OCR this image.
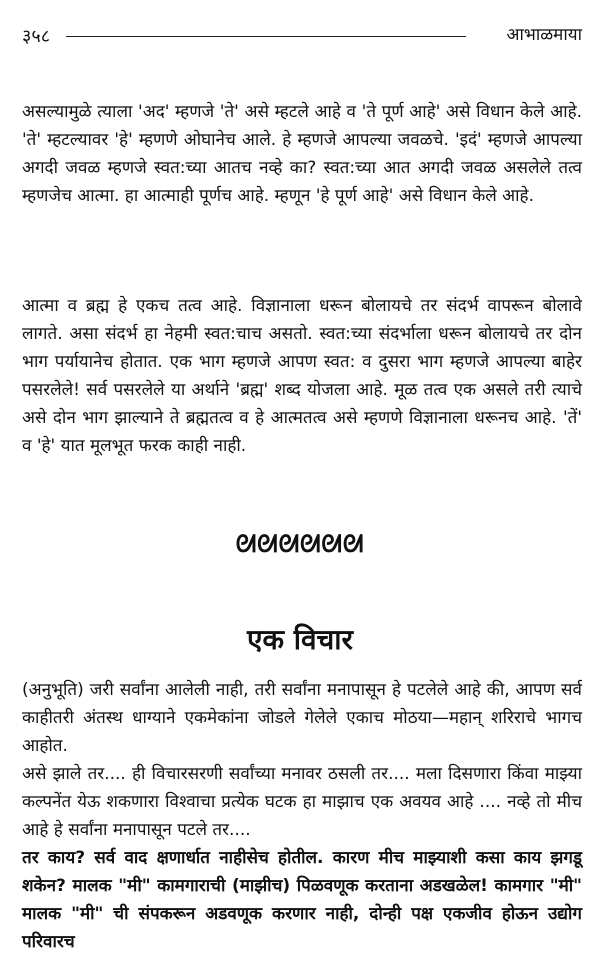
३५८	आभाळमाया

असल्यामुळे त्याला 'अद' म्हणजे 'ते' असे म्हटले आहे व 'ते पूर्ण आहे' असे विधान केले आहे. 'ते' म्हटल्यावर 'हे' म्हणणे ओघानेच आले. हे म्हणजे आपल्या जवळचे. 'इदं' म्हणजे आपल्या अगदी जवळ म्हणजे स्वत:च्या आतच नव्हे का? स्वत:च्या आत अगदी जवळ असलेले तत्व म्हणजेच आत्मा. हा आत्माही पूर्णच आहे. म्हणून 'हे पूर्ण आहे' असे विधान केले आहे.

आत्मा व ब्रह्म हे एकच तत्व आहे. विज्ञानाला धरून बोलायचे तर संदर्भ वापरून बोलावे लागते. असा संदर्भ हा नेहमी स्वत:चाच असतो. स्वत:च्या संदर्भाला धरून बोलायचे तर दोन भाग पर्यायानेच होतात. एक भाग म्हणजे आपण स्वत: व दुसरा भाग म्हणजे आपल्या बाहेर पसरलेले! सर्व पसरलेले या अर्थाने 'ब्रह्म' शब्द योजला आहे. मूळ तत्व एक असले तरी त्याचे असे दोन भाग झाल्याने ते ब्रह्मतत्व व हे आत्मतत्व असे म्हणणे विज्ञानाला धरूनच आहे. 'तें' व 'हे' यात मूलभूत फरक काही नाही.

ᘛᘛᘛᘛᘛᘛ
एक विचार

(अनुभूति) जरी सर्वांना आलेली नाही, तरी सर्वांना मनापासून हे पटलेले आहे की, आपण सर्व काहीतरी अंतस्थ धाग्याने एकमेकांना जोडले गेलेले एकाच मोठया—महान् शरिराचे भागच आहोत.

असे झाले तर.... ही विचारसरणी सर्वांच्या मनावर ठसली तर.... मला दिसणारा किंवा माझ्या कल्पनेंत येऊ शकणारा विश्वाचा प्रत्येक घटक हा माझाच एक अवयव आहे .... नव्हे तो मीच आहे हे सर्वांना मनापासून पटले तर....

तर काय? सर्व वाद क्षणार्धात नाहीसेच होतील. कारण मीच माझ्याशी कसा काय झगडू शकेन? मालक "मी" कामगाराची (माझीच) पिळवणूक करताना अडखळेल! कामगार "मी" मालक "मी" ची संपकरून अडवणूक करणार नाही, दोन्ही पक्ष एकजीव होऊन उद्योग परिवारच
